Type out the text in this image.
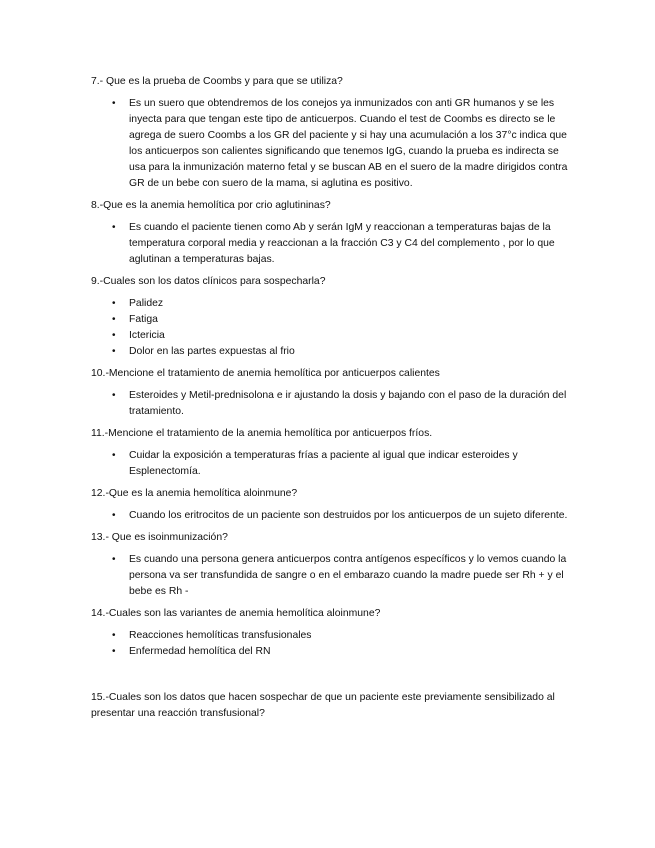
7.- Que es la prueba de Coombs y para que se utiliza?

• Es un suero que obtendremos de los conejos ya inmunizados con anti GR humanos y se les inyecta para que tengan este tipo de anticuerpos. Cuando el test de Coombs es directo se le agrega de suero Coombs a los GR del paciente y si hay una acumulación a los 37°c indica que los anticuerpos son calientes significando que tenemos IgG, cuando la prueba es indirecta se usa para la inmunización materno fetal y se buscan AB en el suero de la madre dirigidos contra GR de un bebe con suero de la mama, si aglutina es positivo.

8.-Que es la anemia hemolítica por crio aglutininas?

• Es cuando el paciente tienen como Ab y serán IgM y reaccionan a temperaturas bajas de la temperatura corporal media y reaccionan a la fracción C3 y C4 del complemento , por lo que aglutinan a temperaturas bajas.

9.-Cuales son los datos clínicos para sospecharla?

• Palidez
• Fatiga
• Ictericia
• Dolor en las partes expuestas al frio

10.-Mencione el tratamiento de anemia hemolítica por anticuerpos calientes

• Esteroides y Metil-prednisolona e ir ajustando la dosis y bajando con el paso de la duración del tratamiento.

11.-Mencione el tratamiento de la anemia hemolítica por anticuerpos fríos.

• Cuidar la exposición a temperaturas frías a paciente al igual que indicar esteroides y Esplenectomía.

12.-Que es la anemia hemolítica aloinmune?

• Cuando los eritrocitos de un paciente son destruidos por los anticuerpos de un sujeto diferente.

13.- Que es isoinmunización?

• Es cuando una persona genera anticuerpos contra antígenos específicos y lo vemos cuando la persona va ser transfundida de sangre o en el embarazo cuando la madre puede ser Rh + y el bebe es Rh -

14.-Cuales son las variantes de anemia hemolítica aloinmune?

• Reacciones hemolíticas transfusionales
• Enfermedad hemolítica del RN

15.-Cuales son los datos que hacen sospechar de que un paciente este previamente sensibilizado al presentar una reacción transfusional?
